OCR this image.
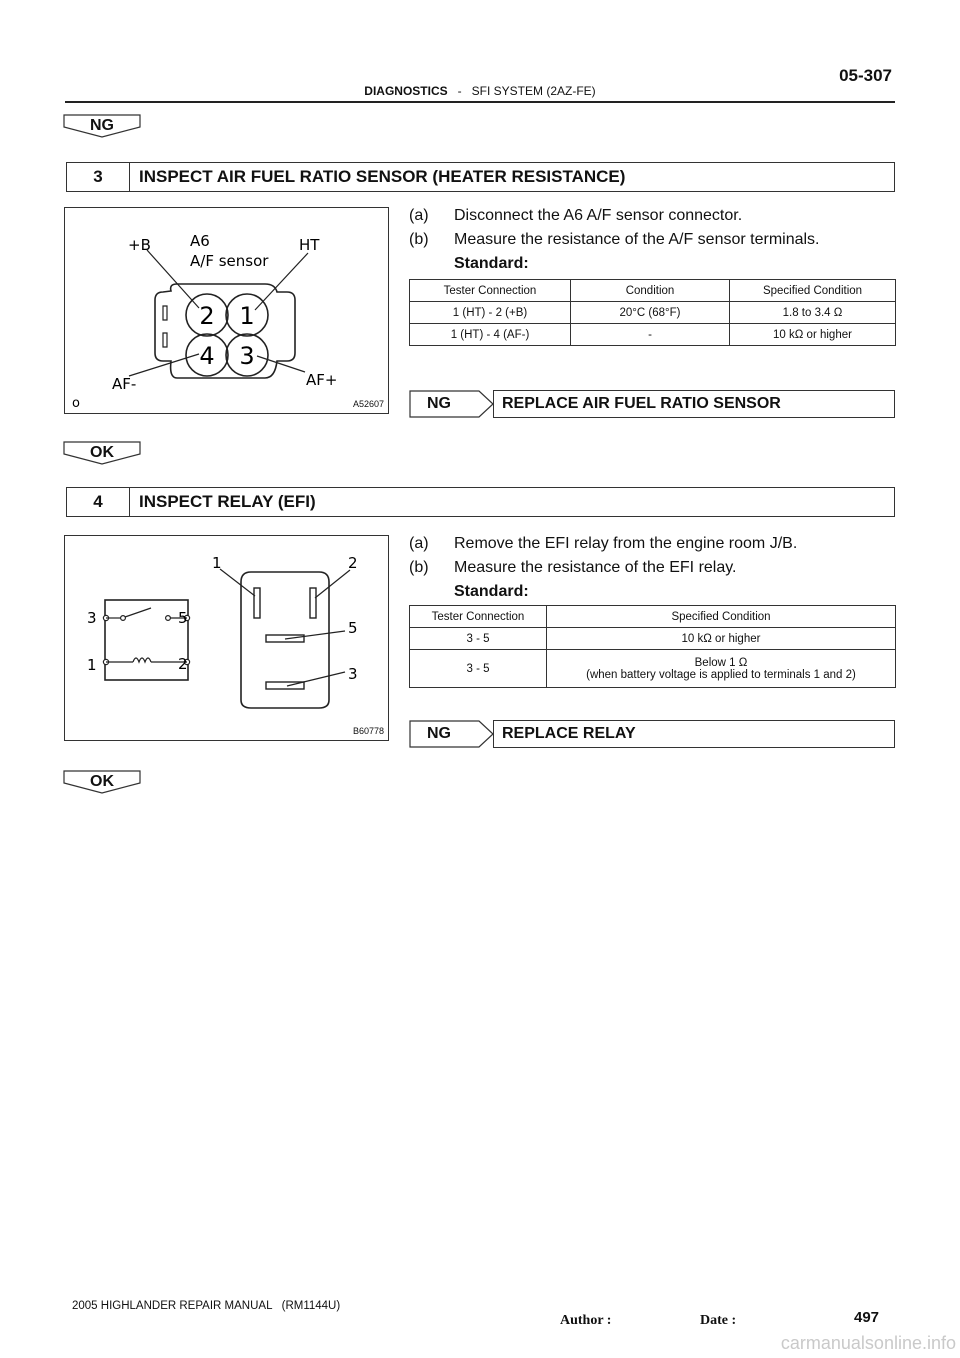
05-307
DIAGNOSTICS - SFI SYSTEM (2AZ-FE)
NG
3	INSPECT AIR FUEL RATIO SENSOR (HEATER RESISTANCE)
2 1
4 3
+B	A6
A/F sensor
HT
AF-	AF+
o	A52607
(a) Disconnect the A6 A/F sensor connector.
(b) Measure the resistance of the A/F sensor terminals.
Standard:
Tester Connection	Condition	Specified Condition
1 (HT) - 2 (+B)	20°C (68°F)	1.8 to 3.4 Ω
1 (HT) - 4 (AF-)	-	10 kΩ or higher
NG	REPLACE AIR FUEL RATIO SENSOR
OK
4	INSPECT RELAY (EFI)
3	5
1	2
1	2
5
3
B60778
(a) Remove the EFI relay from the engine room J/B.
(b) Measure the resistance of the EFI relay.
Standard:
Tester Connection	Specified Condition
3 - 5	10 kΩ or higher
3 - 5	Below 1 Ω
(when battery voltage is applied to terminals 1 and 2)
NG	REPLACE RELAY
OK
2005 HIGHLANDER REPAIR MANUAL   (RM1144U)
Author :	Date :	497
carmanualsonline.info
